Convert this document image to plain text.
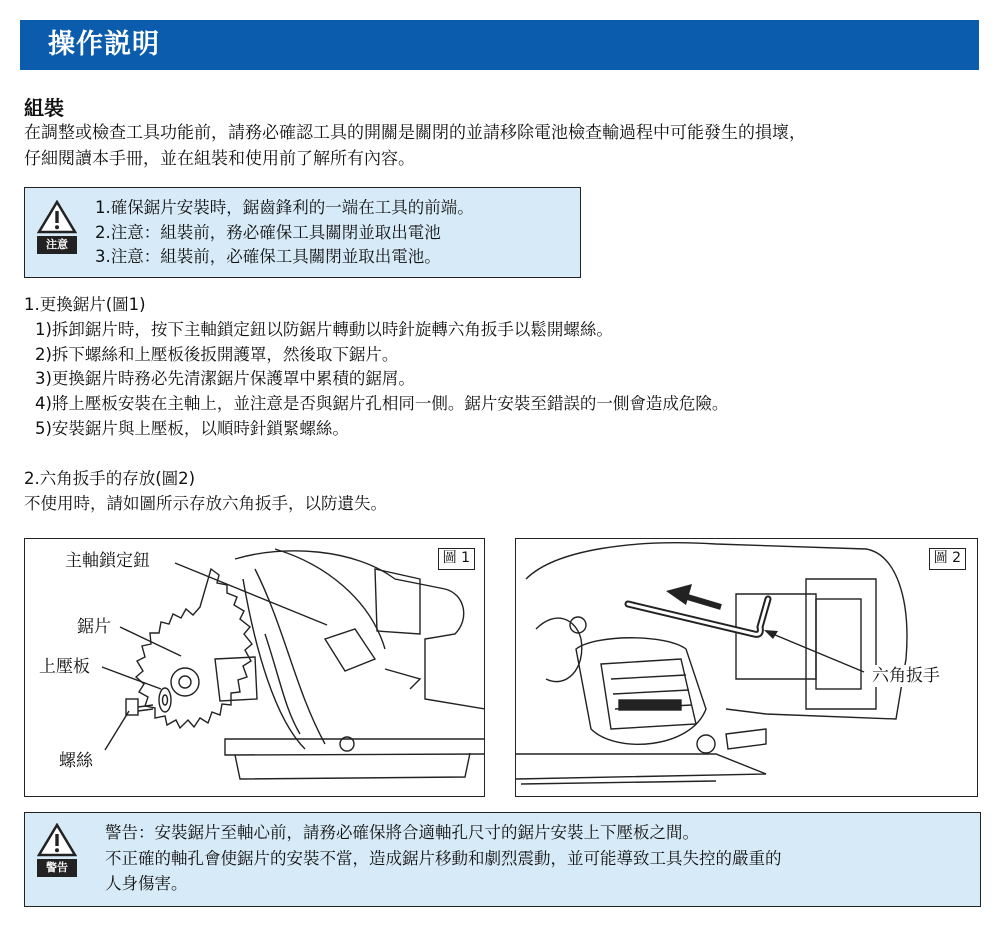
操作説明
組裝
在調整或檢查工具功能前，請務必確認工具的開關是關閉的並請移除電池檢查輸過程中可能發生的損壞，
仔細閱讀本手冊，並在組裝和使用前了解所有內容。
注意
1.確保鋸片安裝時，鋸齒鋒利的一端在工具的前端。
2.注意：組裝前，務必確保工具關閉並取出電池
3.注意：組裝前，必確保工具關閉並取出電池。
1.更換鋸片(圖1)
1)拆卸鋸片時，按下主軸鎖定鈕以防鋸片轉動以時針旋轉六角扳手以鬆開螺絲。
2)拆下螺絲和上壓板後扳開護罩，然後取下鋸片。
3)更換鋸片時務必先清潔鋸片保護罩中累積的鋸屑。
4)將上壓板安裝在主軸上，並注意是否與鋸片孔相同一側。鋸片安裝至錯誤的一側會造成危險。
5)安裝鋸片與上壓板，以順時針鎖緊螺絲。
2.六角扳手的存放(圖2)
不使用時，請如圖所示存放六角扳手，以防遺失。
圖 1
主軸鎖定鈕
鋸片
上壓板
螺絲
圖 2
六角扳手
警告
警告：安裝鋸片至軸心前，請務必確保將合適軸孔尺寸的鋸片安裝上下壓板之間。
不正確的軸孔會使鋸片的安裝不當，造成鋸片移動和劇烈震動，並可能導致工具失控的嚴重的
人身傷害。
